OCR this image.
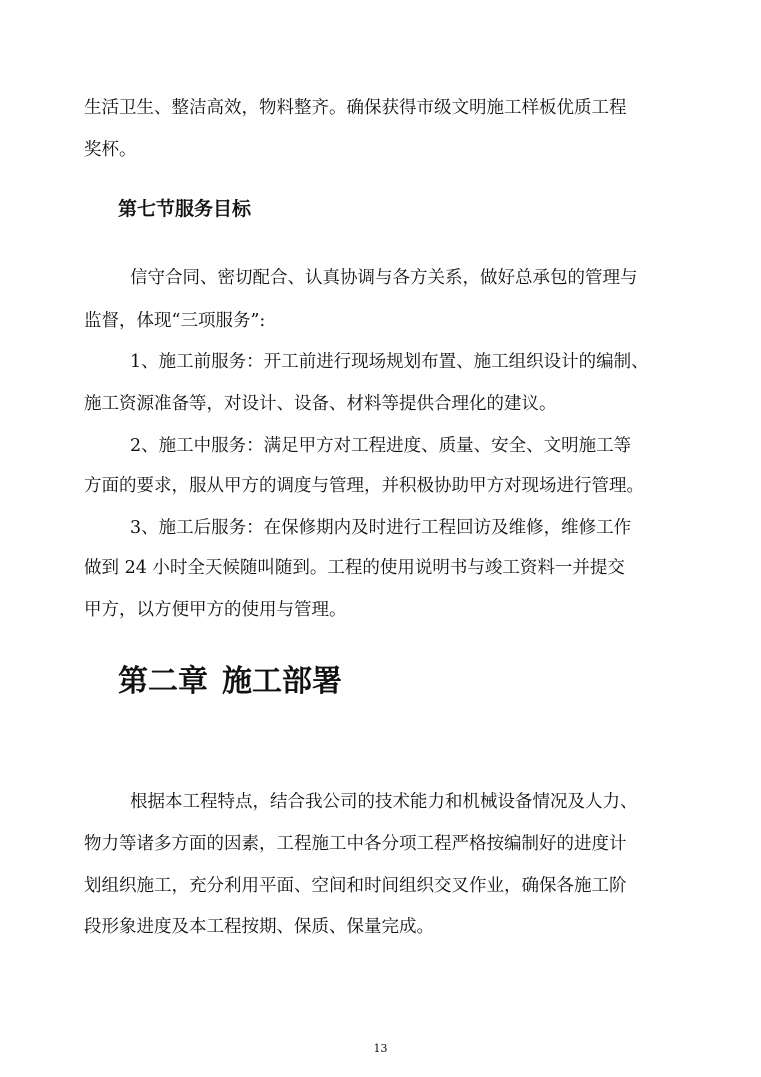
生活卫生、整洁高效，物料整齐。确保获得市级文明施工样板优质工程
奖杯。
第七节服务目标
信守合同、密切配合、认真协调与各方关系，做好总承包的管理与
监督，体现“三项服务”:
1、施工前服务：开工前进行现场规划布置、施工组织设计的编制、
施工资源准备等，对设计、设备、材料等提供合理化的建议。
2、施工中服务：满足甲方对工程进度、质量、安全、文明施工等
方面的要求，服从甲方的调度与管理，并积极协助甲方对现场进行管理。
3、施工后服务：在保修期内及时进行工程回访及维修，维修工作
做到 24 小时全天候随叫随到。工程的使用说明书与竣工资料一并提交
甲方，以方便甲方的使用与管理。
第二章 施工部署
根据本工程特点，结合我公司的技术能力和机械设备情况及人力、
物力等诸多方面的因素，工程施工中各分项工程严格按编制好的进度计
划组织施工，充分利用平面、空间和时间组织交叉作业，确保各施工阶
段形象进度及本工程按期、保质、保量完成。
13
